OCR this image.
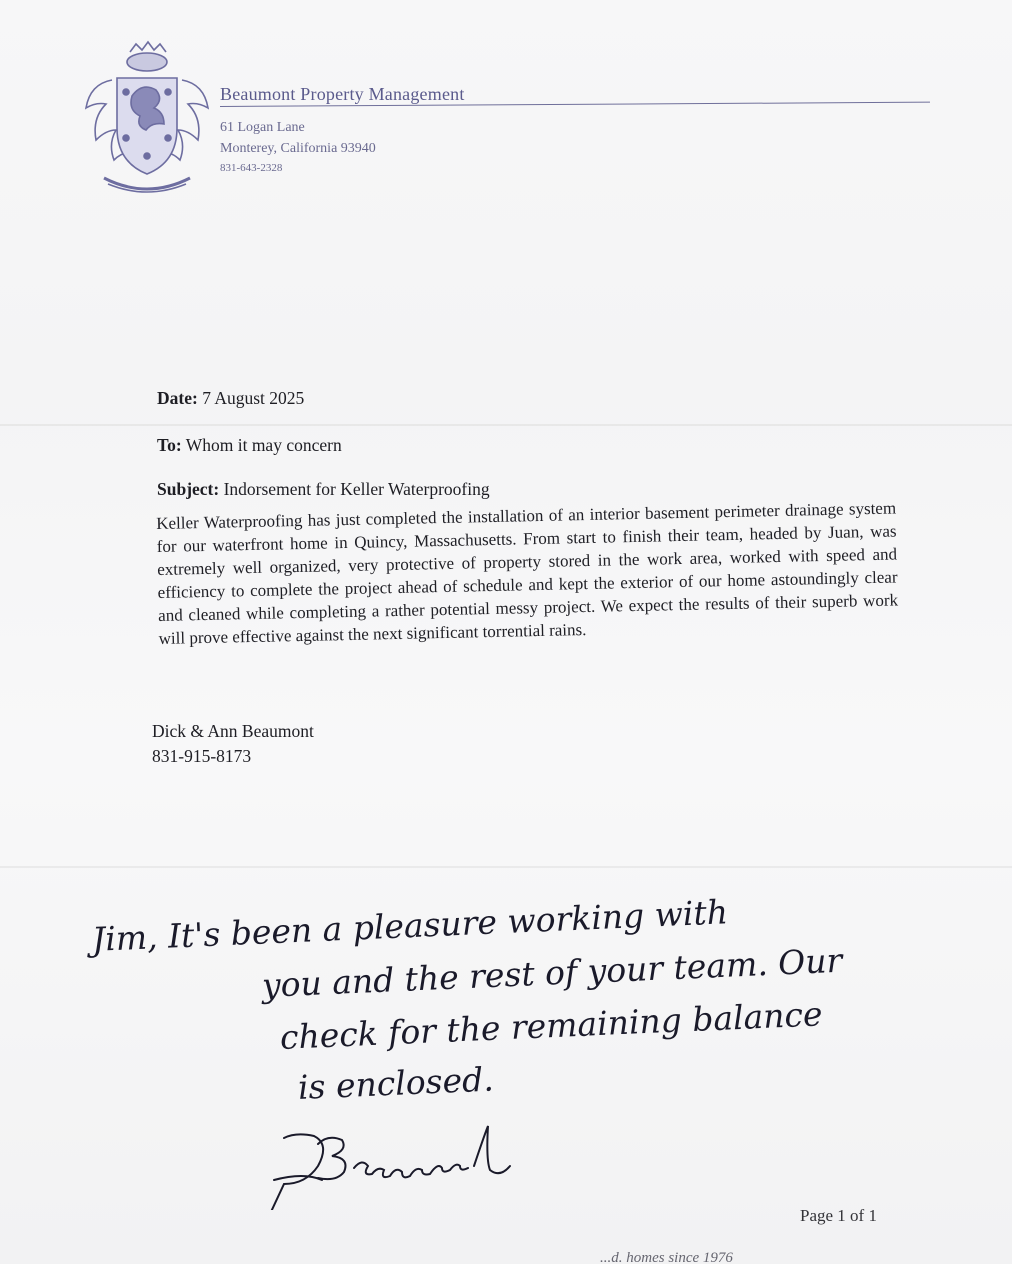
Beaumont Property Management
61 Logan Lane
Monterey, California 93940
831-643-2328
Date: 7 August 2025
To: Whom it may concern
Subject: Indorsement for Keller Waterproofing
Keller Waterproofing has just completed the installation of an interior basement perimeter drainage system for our waterfront home in Quincy, Massachusetts. From start to finish their team, headed by Juan, was extremely well organized, very protective of property stored in the work area, worked with speed and efficiency to complete the project ahead of schedule and kept the exterior of our home astoundingly clear and cleaned while completing a rather potential messy project. We expect the results of their superb work will prove effective against the next significant torrential rains.
Dick & Ann Beaumont
831-915-8173
Jim, It's been a pleasure working with
you and the rest of your team. Our
check for the remaining balance
is enclosed.
Page 1 of 1
...d. homes since 1976
